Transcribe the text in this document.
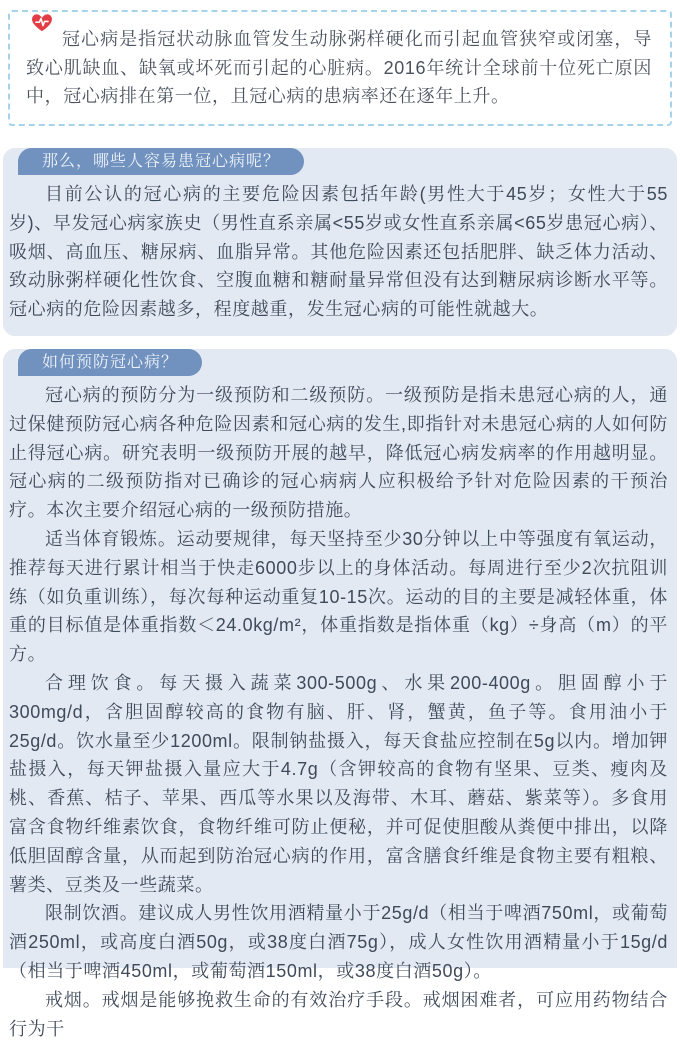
冠心病是指冠状动脉血管发生动脉粥样硬化而引起血管狭窄或闭塞，导致心肌缺血、缺氧或坏死而引起的心脏病。2016年统计全球前十位死亡原因中，冠心病排在第一位，且冠心病的患病率还在逐年上升。

那么，哪些人容易患冠心病呢？

目前公认的冠心病的主要危险因素包括年龄(男性大于45岁；女性大于55岁)、早发冠心病家族史（男性直系亲属<55岁或女性直系亲属<65岁患冠心病）、吸烟、高血压、糖尿病、血脂异常。其他危险因素还包括肥胖、缺乏体力活动、致动脉粥样硬化性饮食、空腹血糖和糖耐量异常但没有达到糖尿病诊断水平等。冠心病的危险因素越多，程度越重，发生冠心病的可能性就越大。

如何预防冠心病？

冠心病的预防分为一级预防和二级预防。一级预防是指未患冠心病的人，通过保健预防冠心病各种危险因素和冠心病的发生,即指针对未患冠心病的人如何防止得冠心病。研究表明一级预防开展的越早，降低冠心病发病率的作用越明显。冠心病的二级预防指对已确诊的冠心病病人应积极给予针对危险因素的干预治疗。本次主要介绍冠心病的一级预防措施。

适当体育锻炼。运动要规律，每天坚持至少30分钟以上中等强度有氧运动，推荐每天进行累计相当于快走6000步以上的身体活动。每周进行至少2次抗阻训练（如负重训练），每次每种运动重复10-15次。运动的目的主要是减轻体重，体重的目标值是体重指数＜24.0kg/m²，体重指数是指体重（kg）÷身高（m）的平方。

合理饮食。每天摄入蔬菜300-500g、水果200-400g。胆固醇小于300mg/d，含胆固醇较高的食物有脑、肝、肾，蟹黄，鱼子等。食用油小于25g/d。饮水量至少1200ml。限制钠盐摄入，每天食盐应控制在5g以内。增加钾盐摄入，每天钾盐摄入量应大于4.7g（含钾较高的食物有坚果、豆类、瘦肉及桃、香蕉、桔子、苹果、西瓜等水果以及海带、木耳、蘑菇、紫菜等）。多食用富含食物纤维素饮食，食物纤维可防止便秘，并可促使胆酸从粪便中排出，以降低胆固醇含量，从而起到防治冠心病的作用，富含膳食纤维是食物主要有粗粮、薯类、豆类及一些蔬菜。

限制饮酒。建议成人男性饮用酒精量小于25g/d（相当于啤酒750ml，或葡萄酒250ml，或高度白酒50g，或38度白酒75g），成人女性饮用酒精量小于15g/d（相当于啤酒450ml，或葡萄酒150ml，或38度白酒50g）。

戒烟。戒烟是能够挽救生命的有效治疗手段。戒烟困难者，可应用药物结合行为干
